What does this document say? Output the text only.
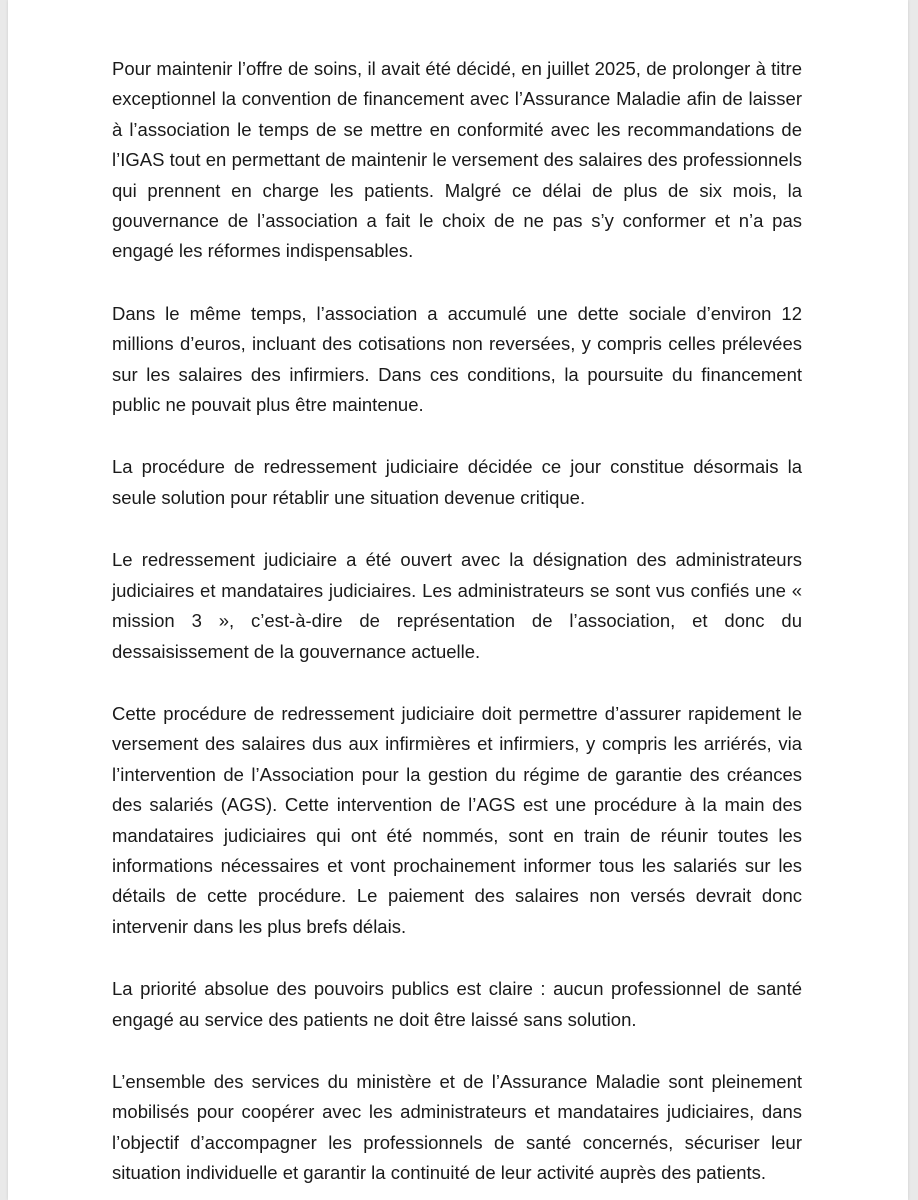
Pour maintenir l’offre de soins, il avait été décidé, en juillet 2025, de prolonger à titre exceptionnel la convention de financement avec l’Assurance Maladie afin de laisser à l’association le temps de se mettre en conformité avec les recommandations de l’IGAS tout en permettant de maintenir le versement des salaires des professionnels qui prennent en charge les patients. Malgré ce délai de plus de six mois, la gouvernance de l’association a fait le choix de ne pas s’y conformer et n’a pas engagé les réformes indispensables.

Dans le même temps, l’association a accumulé une dette sociale d’environ 12 millions d’euros, incluant des cotisations non reversées, y compris celles prélevées sur les salaires des infirmiers. Dans ces conditions, la poursuite du financement public ne pouvait plus être maintenue.

La procédure de redressement judiciaire décidée ce jour constitue désormais la seule solution pour rétablir une situation devenue critique.

Le redressement judiciaire a été ouvert avec la désignation des administrateurs judiciaires et mandataires judiciaires. Les administrateurs se sont vus confiés une « mission 3 », c’est-à-dire de représentation de l’association, et donc du dessaisissement de la gouvernance actuelle.

Cette procédure de redressement judiciaire doit permettre d’assurer rapidement le versement des salaires dus aux infirmières et infirmiers, y compris les arriérés, via l’intervention de l’Association pour la gestion du régime de garantie des créances des salariés (AGS). Cette intervention de l’AGS est une procédure à la main des mandataires judiciaires qui ont été nommés, sont en train de réunir toutes les informations nécessaires et vont prochainement informer tous les salariés sur les détails de cette procédure. Le paiement des salaires non versés devrait donc intervenir dans les plus brefs délais.

La priorité absolue des pouvoirs publics est claire : aucun professionnel de santé engagé au service des patients ne doit être laissé sans solution.

L’ensemble des services du ministère et de l’Assurance Maladie sont pleinement mobilisés pour coopérer avec les administrateurs et mandataires judiciaires, dans l’objectif d’accompagner les professionnels de santé concernés, sécuriser leur situation individuelle et garantir la continuité de leur activité auprès des patients.
